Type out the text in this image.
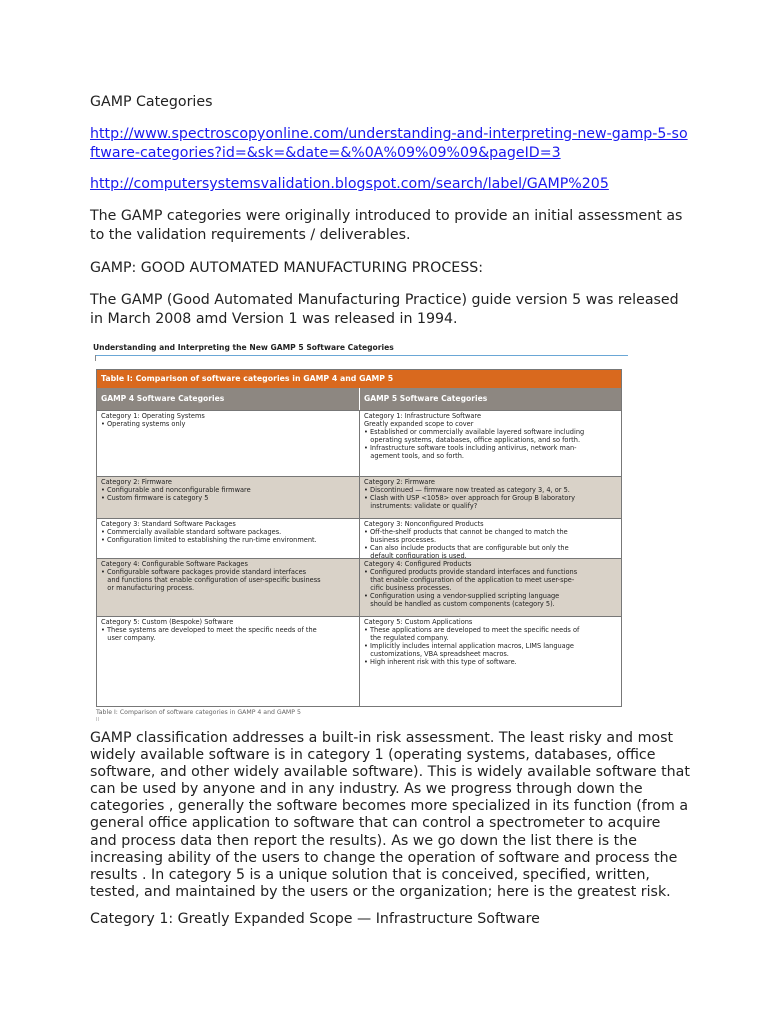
GAMP Categories

http://www.spectroscopyonline.com/understanding-and-interpreting-new-gamp-5-software-categories?id=&sk=&date=&%0A%09%09%09&pageID=3

http://computersystemsvalidation.blogspot.com/search/label/GAMP%205

The GAMP categories were originally introduced to provide an initial assessment as to the validation requirements / deliverables.

GAMP: GOOD AUTOMATED MANUFACTURING PROCESS:

The GAMP (Good Automated Manufacturing Practice) guide version 5 was released in March 2008 amd Version 1 was released in 1994.

Understanding and Interpreting the New GAMP 5 Software Categories
Table I: Comparison of software categories in GAMP 4 and GAMP 5
GAMP 4 Software Categories	GAMP 5 Software Categories
Category 1: Operating Systems
• Operating systems only
Category 1: Infrastructure Software
Greatly expanded scope to cover
• Established or commercially available layered software including
operating systems, databases, office applications, and so forth.
• Infrastructure software tools including antivirus, network man-
agement tools, and so forth.
Category 2: Firmware
• Configurable and nonconfigurable firmware
• Custom firmware is category 5
Category 2: Firmware
• Discontinued — firmware now treated as category 3, 4, or 5.
• Clash with USP <1058> over approach for Group B laboratory
instruments: validate or qualify?
Category 3: Standard Software Packages
• Commercially available standard software packages.
• Configuration limited to establishing the run-time environment.
Category 3: Nonconfigured Products
• Off-the-shelf products that cannot be changed to match the
business processes.
• Can also include products that are configurable but only the
default configuration is used.
Category 4: Configurable Software Packages
• Configurable software packages provide standard interfaces
and functions that enable configuration of user-specific business
or manufacturing process.
Category 4: Configured Products
• Configured products provide standard interfaces and functions
that enable configuration of the application to meet user-spe-
cific business processes.
• Configuration using a vendor-supplied scripting language
should be handled as custom components (category 5).
Category 5: Custom (Bespoke) Software
• These systems are developed to meet the specific needs of the
user company.
Category 5: Custom Applications
• These applications are developed to meet the specific needs of
the regulated company.
• Implicitly includes internal application macros, LIMS language
customizations, VBA spreadsheet macros.
• High inherent risk with this type of software.
Table I: Comparison of software categories in GAMP 4 and GAMP 5
II

GAMP classification addresses a built-in risk assessment. The least risky and most widely available software is in category 1 (operating systems, databases, office software, and other widely available software). This is widely available software that can be used by anyone and in any industry. As we progress through down the categories , generally the software becomes more specialized in its function (from a general office application to software that can control a spectrometer to acquire and process data then report the results). As we go down the list there is the increasing ability of the users to change the operation of software and process the results . In category 5 is a unique solution that is conceived, specified, written, tested, and maintained by the users or the organization; here is the greatest risk.

Category 1: Greatly Expanded Scope — Infrastructure Software
